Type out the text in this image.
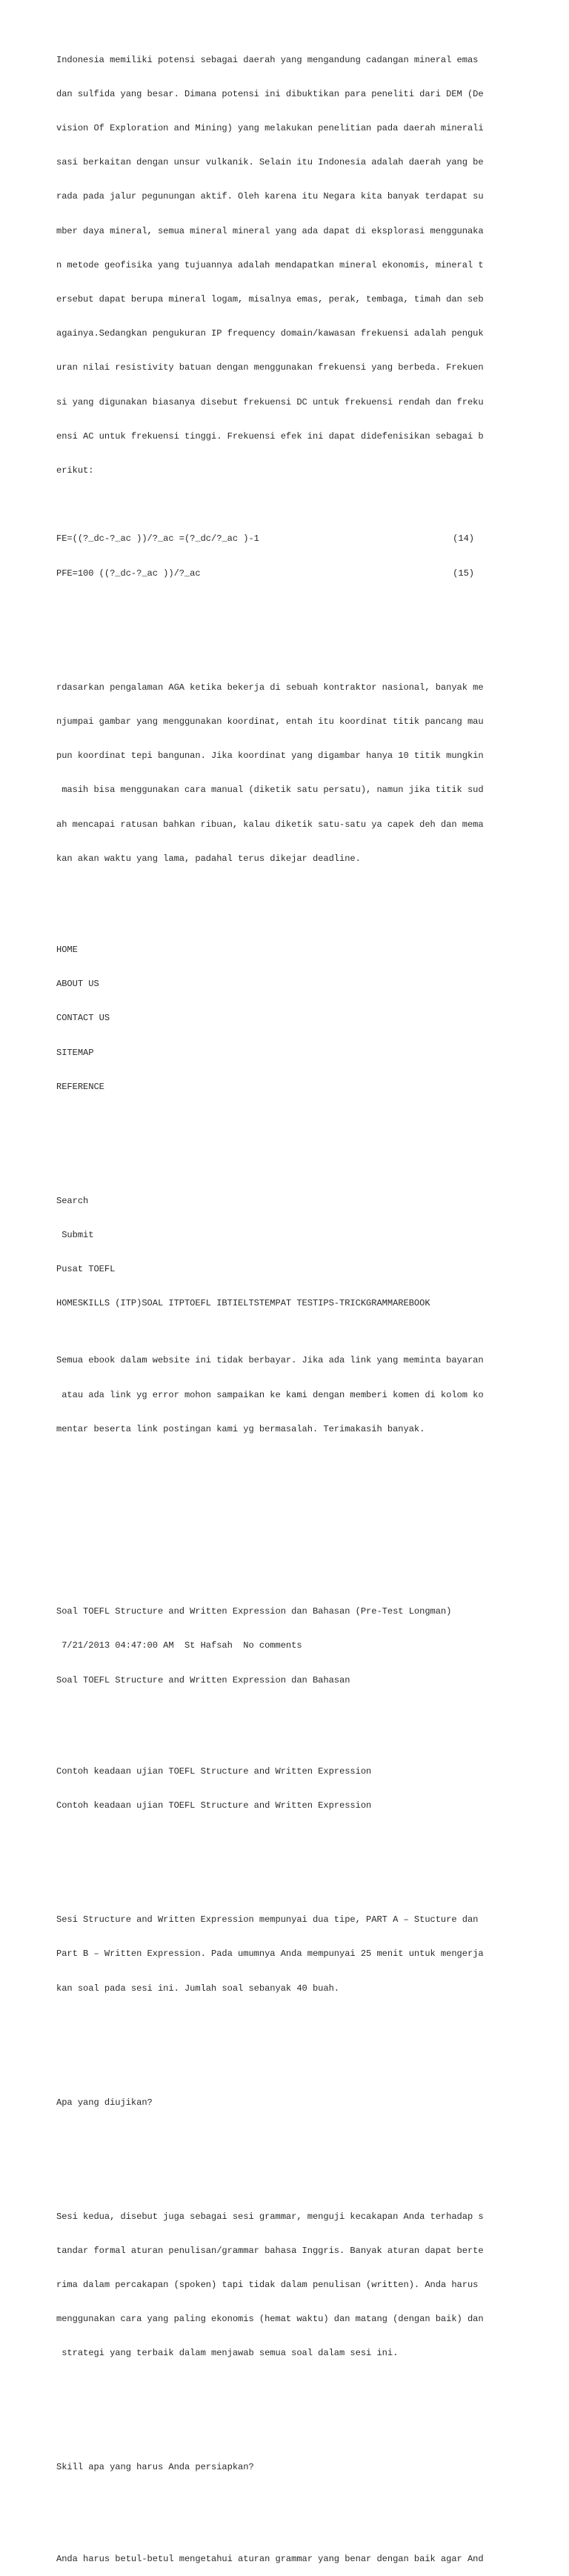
Indonesia memiliki potensi sebagai daerah yang mengandung cadangan mineral emas

dan sulfida yang besar. Dimana potensi ini dibuktikan para peneliti dari DEM (De

vision Of Exploration and Mining) yang melakukan penelitian pada daerah minerali

sasi berkaitan dengan unsur vulkanik. Selain itu Indonesia adalah daerah yang be

rada pada jalur pegunungan aktif. Oleh karena itu Negara kita banyak terdapat su

mber daya mineral, semua mineral mineral yang ada dapat di eksplorasi menggunaka

n metode geofisika yang tujuannya adalah mendapatkan mineral ekonomis, mineral t

ersebut dapat berupa mineral logam, misalnya emas, perak, tembaga, timah dan seb

againya.Sedangkan pengukuran IP frequency domain/kawasan frekuensi adalah penguk

uran nilai resistivity batuan dengan menggunakan frekuensi yang berbeda. Frekuen

si yang digunakan biasanya disebut frekuensi DC untuk frekuensi rendah dan freku

ensi AC untuk frekuensi tinggi. Frekuensi efek ini dapat didefenisikan sebagai b

erikut:

FE=((?_dc-?_ac ))/?_ac =(?_dc/?_ac )-1	(14)

PFE=100 ((?_dc-?_ac ))/?_ac	(15)

rdasarkan pengalaman AGA ketika bekerja di sebuah kontraktor nasional, banyak me

njumpai gambar yang menggunakan koordinat, entah itu koordinat titik pancang mau

pun koordinat tepi bangunan. Jika koordinat yang digambar hanya 10 titik mungkin

masih bisa menggunakan cara manual (diketik satu persatu), namun jika titik sud

ah mencapai ratusan bahkan ribuan, kalau diketik satu-satu ya capek deh dan mema

kan akan waktu yang lama, padahal terus dikejar deadline.

HOME

ABOUT US

CONTACT US

SITEMAP

REFERENCE

Search

Submit

Pusat TOEFL

HOMESKILLS (ITP)SOAL ITPTOEFL IBTIELTSTEMPAT TESTIPS-TRICKGRAMMAREBOOK

Semua ebook dalam website ini tidak berbayar. Jika ada link yang meminta bayaran

atau ada link yg error mohon sampaikan ke kami dengan memberi komen di kolom ko

mentar beserta link postingan kami yg bermasalah. Terimakasih banyak.

Soal TOEFL Structure and Written Expression dan Bahasan (Pre-Test Longman)

7/21/2013 04:47:00 AM  St Hafsah  No comments

Soal TOEFL Structure and Written Expression dan Bahasan

Contoh keadaan ujian TOEFL Structure and Written Expression

Contoh keadaan ujian TOEFL Structure and Written Expression

Sesi Structure and Written Expression mempunyai dua tipe, PART A – Stucture dan

Part B – Written Expression. Pada umumnya Anda mempunyai 25 menit untuk mengerja

kan soal pada sesi ini. Jumlah soal sebanyak 40 buah.

Apa yang diujikan?

Sesi kedua, disebut juga sebagai sesi grammar, menguji kecakapan Anda terhadap s

tandar formal aturan penulisan/grammar bahasa Inggris. Banyak aturan dapat berte

rima dalam percakapan (spoken) tapi tidak dalam penulisan (written). Anda harus

menggunakan cara yang paling ekonomis (hemat waktu) dan matang (dengan baik) dan

strategi yang terbaik dalam menjawab semua soal dalam sesi ini.

Skill apa yang harus Anda persiapkan?

Anda harus betul-betul mengetahui aturan grammar yang benar dengan baik agar And
